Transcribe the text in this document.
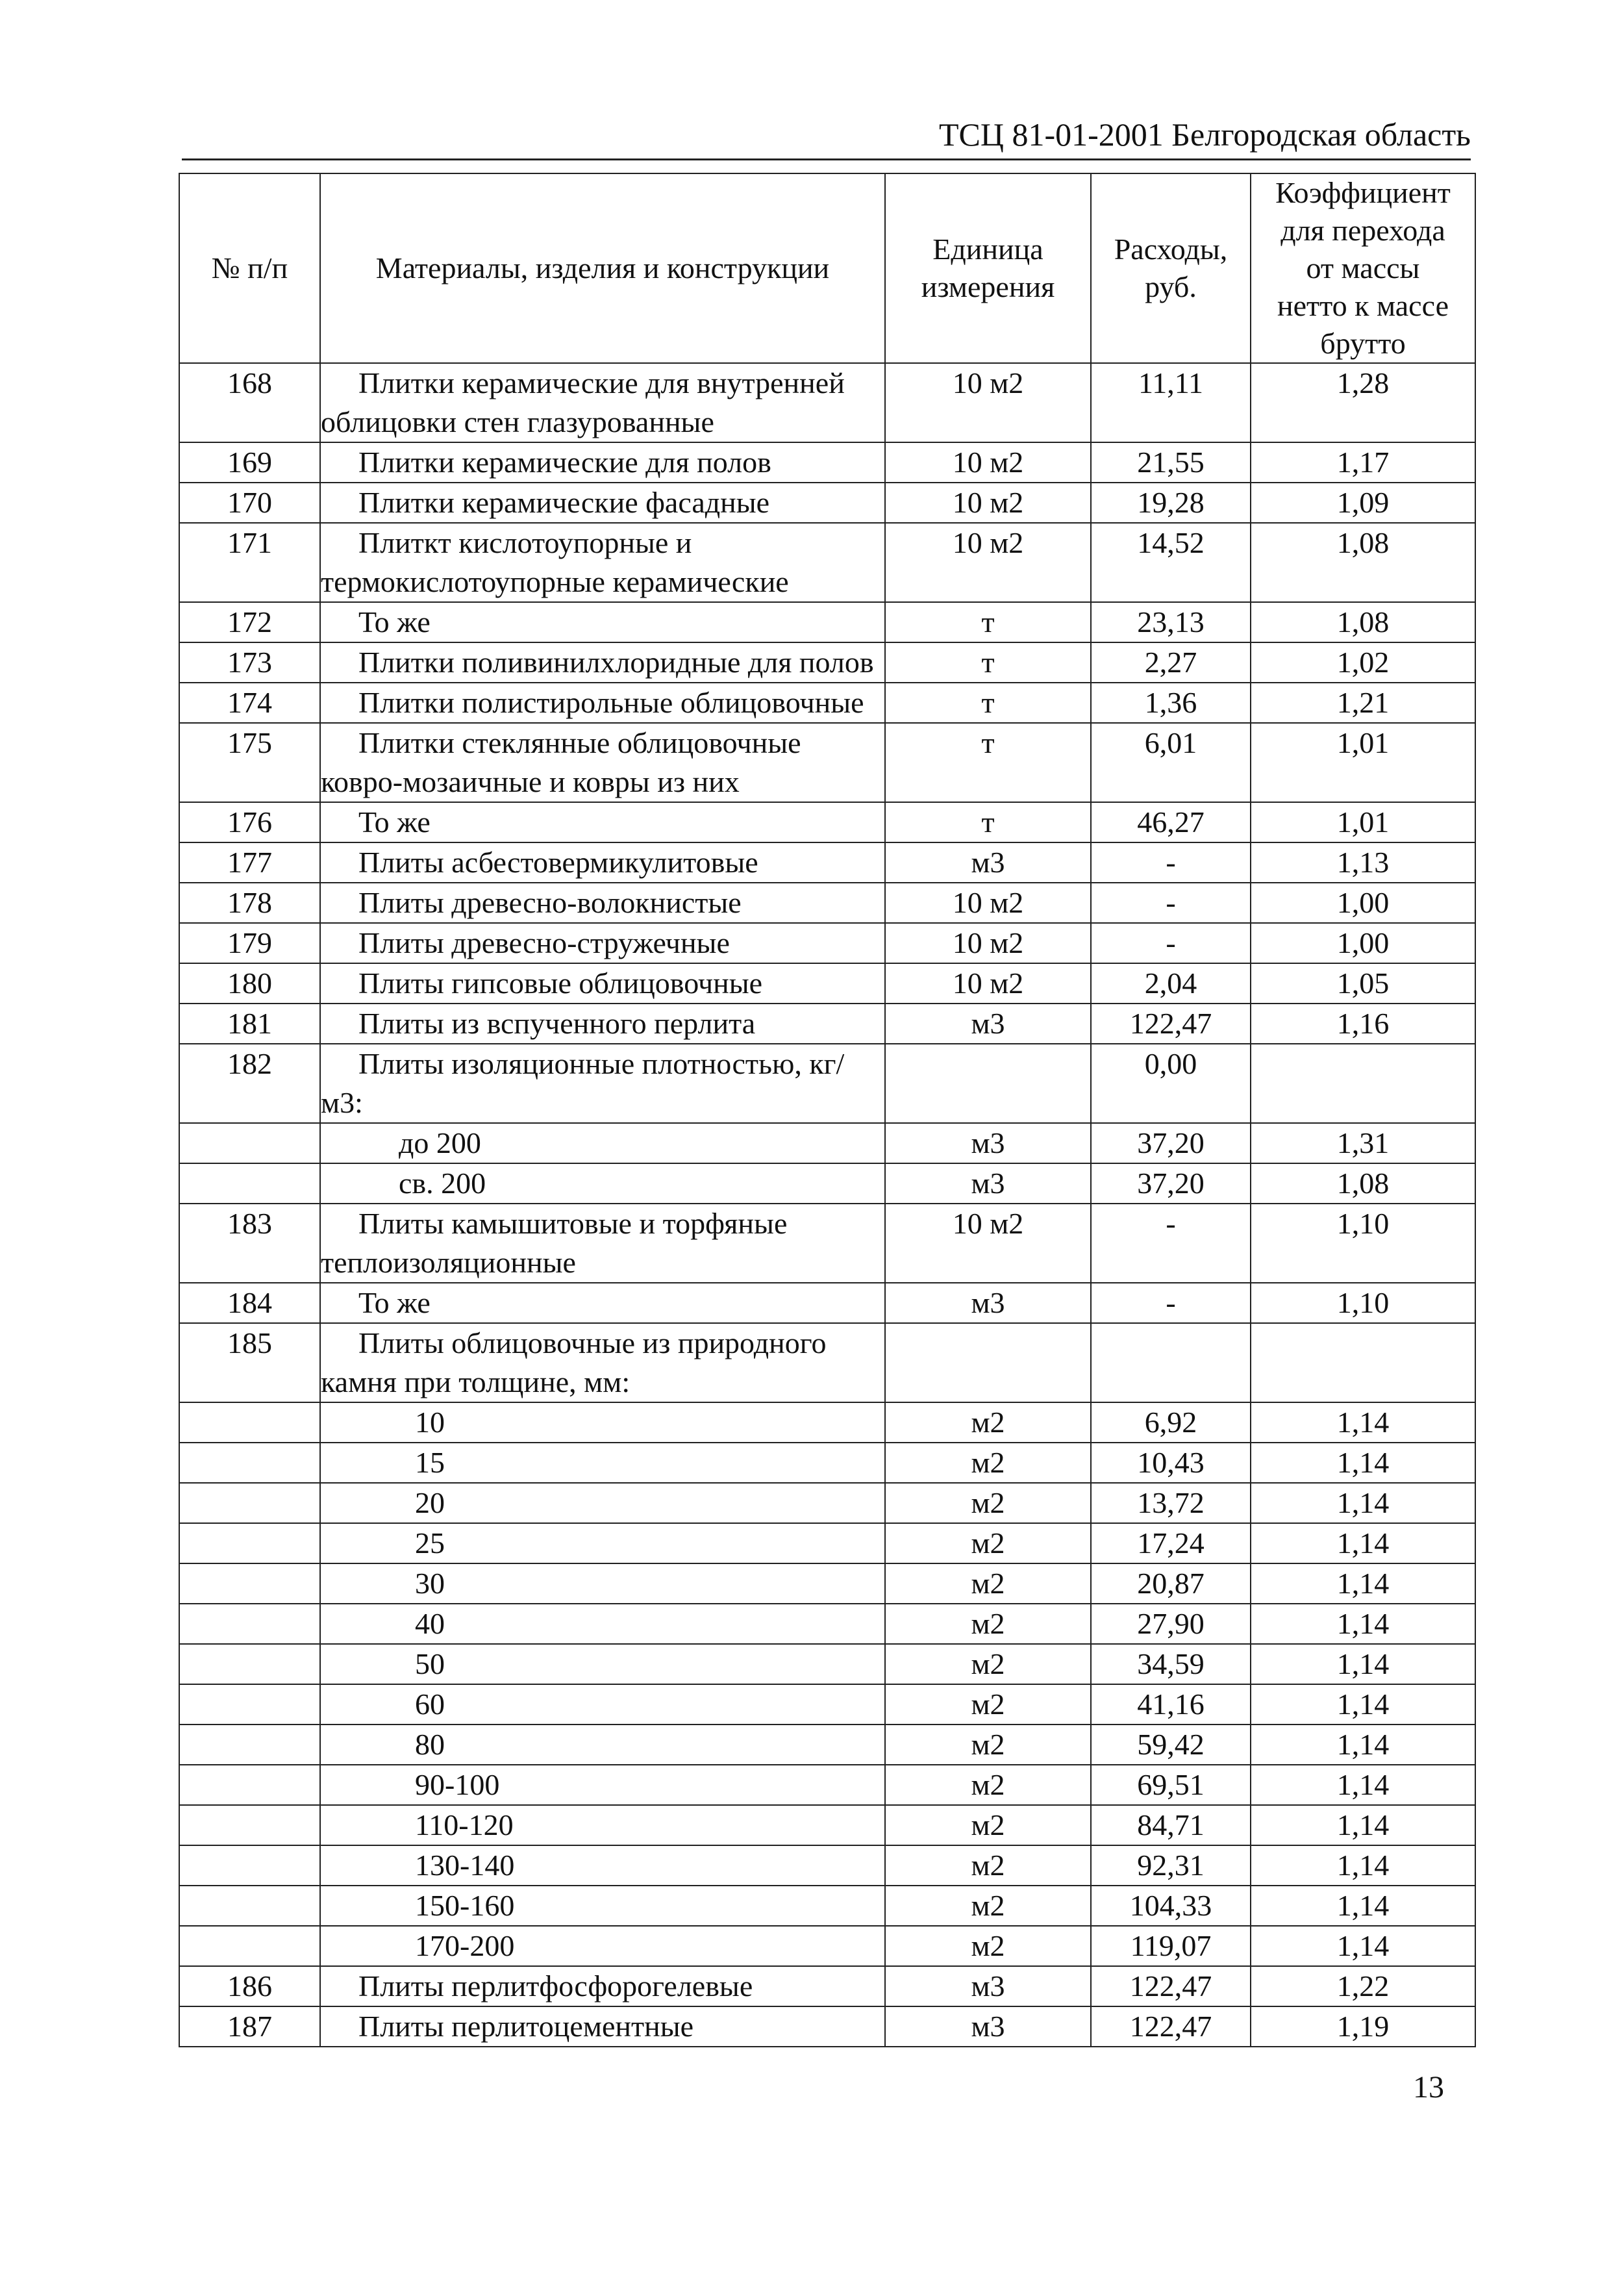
ТСЦ 81-01-2001 Белгородская область
№ п/п	Материалы, изделия и конструкции	Единица измерения	Расходы, руб.	Коэффициент для перехода от массы нетто к массе брутто
168	Плитки керамические для внутренней облицовки стен глазурованные	10 м2	11,11	1,28
169	Плитки керамические для полов	10 м2	21,55	1,17
170	Плитки керамические фасадные	10 м2	19,28	1,09
171	Плиткт кислотоупорные и термокислотоупорные керамические	10 м2	14,52	1,08
172	То же	т	23,13	1,08
173	Плитки поливинилхлоридные для полов	т	2,27	1,02
174	Плитки полистирольные облицовочные	т	1,36	1,21
175	Плитки стеклянные облицовочные ковро-мозаичные и ковры из них	т	6,01	1,01
176	То же	т	46,27	1,01
177	Плиты асбестовермикулитовые	м3	-	1,13
178	Плиты древесно-волокнистые	10 м2	-	1,00
179	Плиты древесно-стружечные	10 м2	-	1,00
180	Плиты гипсовые облицовочные	10 м2	2,04	1,05
181	Плиты из вспученного перлита	м3	122,47	1,16
182	Плиты изоляционные плотностью, кг/м3:		0,00	

	до 200	м3	37,20	1,31

	св. 200	м3	37,20	1,08
183	Плиты камышитовые и торфяные теплоизоляционные	10 м2	-	1,10
184	То же	м3	-	1,10
185	Плиты облицовочные из природного камня при толщине, мм:			

	10	м2	6,92	1,14

	15	м2	10,43	1,14

	20	м2	13,72	1,14

	25	м2	17,24	1,14

	30	м2	20,87	1,14

	40	м2	27,90	1,14

	50	м2	34,59	1,14

	60	м2	41,16	1,14

	80	м2	59,42	1,14

	90-100	м2	69,51	1,14

	110-120	м2	84,71	1,14

	130-140	м2	92,31	1,14

	150-160	м2	104,33	1,14

	170-200	м2	119,07	1,14
186	Плиты перлитфосфорогелевые	м3	122,47	1,22
187	Плиты перлитоцементные	м3	122,47	1,19
13
